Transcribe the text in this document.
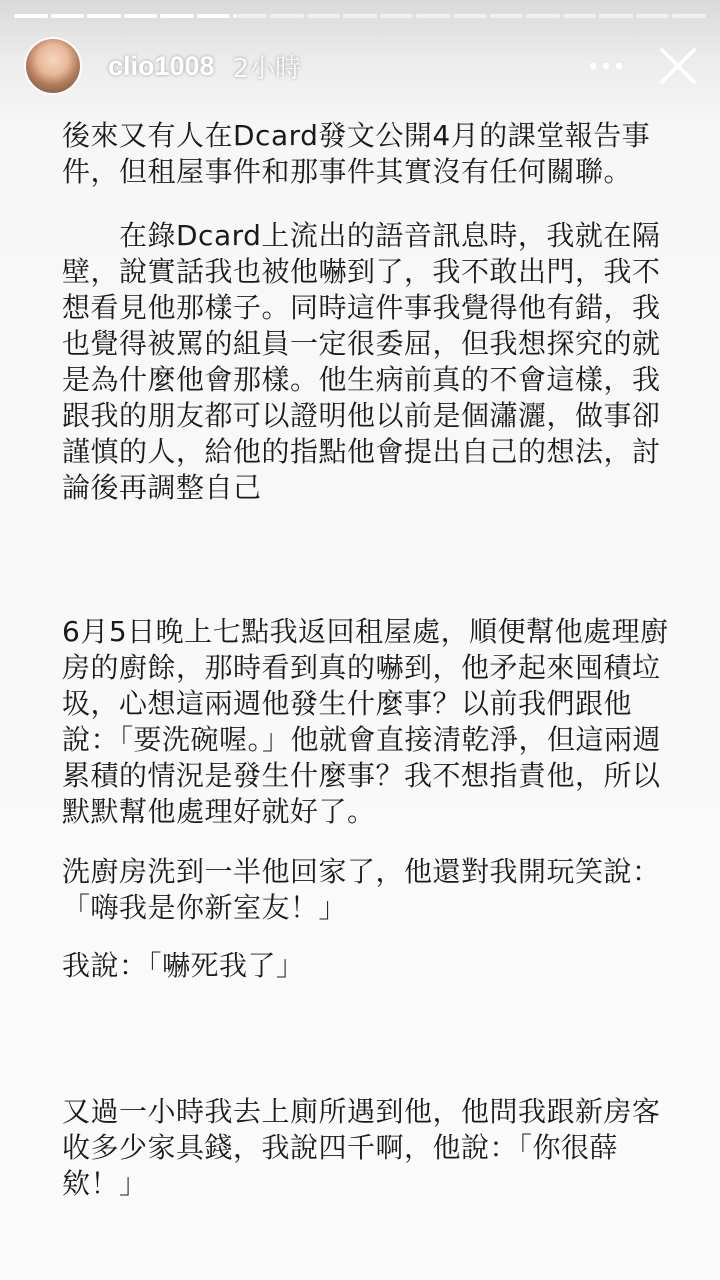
clio1008 2小時

後來又有人在Dcard發文公開4月的課堂報告事件，但租屋事件和那事件其實沒有任何關聯。

　　在錄Dcard上流出的語音訊息時，我就在隔壁，說實話我也被他嚇到了，我不敢出門，我不想看見他那樣子。同時這件事我覺得他有錯，我也覺得被罵的組員一定很委屈，但我想探究的就是為什麼他會那樣。他生病前真的不會這樣，我跟我的朋友都可以證明他以前是個瀟灑，做事卻謹慎的人，給他的指點他會提出自己的想法，討論後再調整自己

6月5日晚上七點我返回租屋處，順便幫他處理廚房的廚餘，那時看到真的嚇到，他矛起來囤積垃圾，心想這兩週他發生什麼事？以前我們跟他說：「要洗碗喔。」他就會直接清乾淨，但這兩週累積的情況是發生什麼事？我不想指責他，所以默默幫他處理好就好了。

洗廚房洗到一半他回家了，他還對我開玩笑說：「嗨我是你新室友！」

我說：「嚇死我了」

又過一小時我去上廁所遇到他，他問我跟新房客收多少家具錢，我說四千啊，他說：「你很薛欸！」
